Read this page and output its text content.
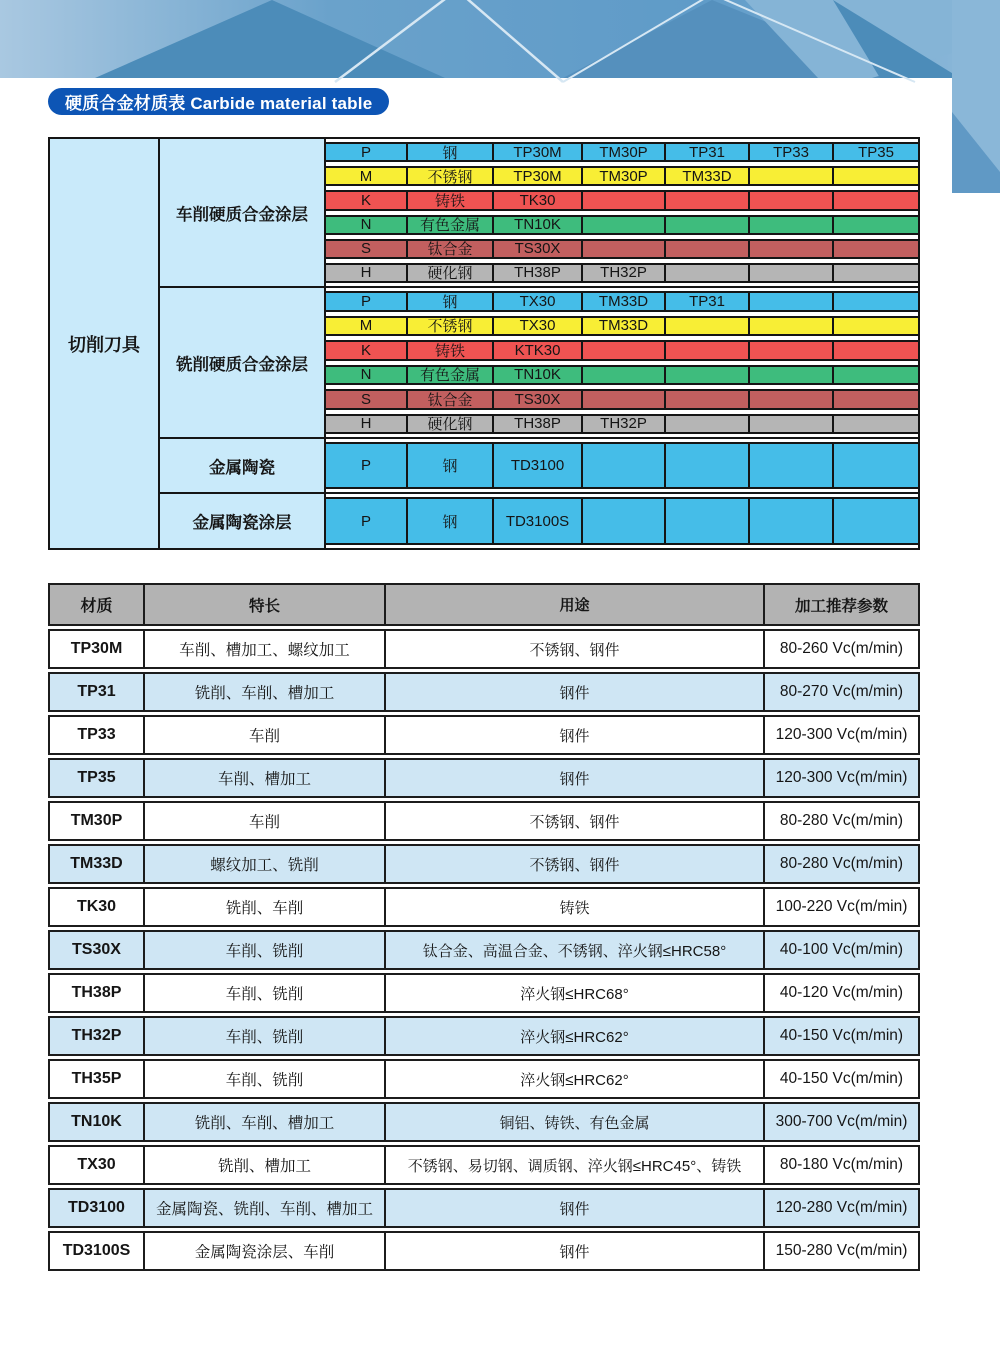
硬质合金材质表 Carbide material table
切削刀具
车削硬质合金涂层
P	钢	TP30M	TM30P	TP31	TP33	TP35
M	不锈钢	TP30M	TM30P	TM33D
K	铸铁	TK30
N	有色金属	TN10K
S	钛合金	TS30X
H	硬化钢	TH38P	TH32P
铣削硬质合金涂层
P	钢	TX30	TM33D	TP31
M	不锈钢	TX30	TM33D
K	铸铁	KTK30
N	有色金属	TN10K
S	钛合金	TS30X
H	硬化钢	TH38P	TH32P
金属陶瓷	P	钢	TD3100
金属陶瓷涂层	P	钢	TD3100S
材质	特长	用途	加工推荐参数
TP30M	车削、槽加工、螺纹加工	不锈钢、钢件	80-260 Vc(m/min)
TP31	铣削、车削、槽加工	钢件	80-270 Vc(m/min)
TP33	车削	钢件	120-300 Vc(m/min)
TP35	车削、槽加工	钢件	120-300 Vc(m/min)
TM30P	车削	不锈钢、钢件	80-280 Vc(m/min)
TM33D	螺纹加工、铣削	不锈钢、钢件	80-280 Vc(m/min)
TK30	铣削、车削	铸铁	100-220 Vc(m/min)
TS30X	车削、铣削	钛合金、高温合金、不锈钢、淬火钢≤HRC58°	40-100 Vc(m/min)
TH38P	车削、铣削	淬火钢≤HRC68°	40-120 Vc(m/min)
TH32P	车削、铣削	淬火钢≤HRC62°	40-150 Vc(m/min)
TH35P	车削、铣削	淬火钢≤HRC62°	40-150 Vc(m/min)
TN10K	铣削、车削、槽加工	铜铝、铸铁、有色金属	300-700 Vc(m/min)
TX30	铣削、槽加工	不锈钢、易切钢、调质钢、淬火钢≤HRC45°、铸铁	80-180 Vc(m/min)
TD3100	金属陶瓷、铣削、车削、槽加工	钢件	120-280 Vc(m/min)
TD3100S	金属陶瓷涂层、车削	钢件	150-280 Vc(m/min)
